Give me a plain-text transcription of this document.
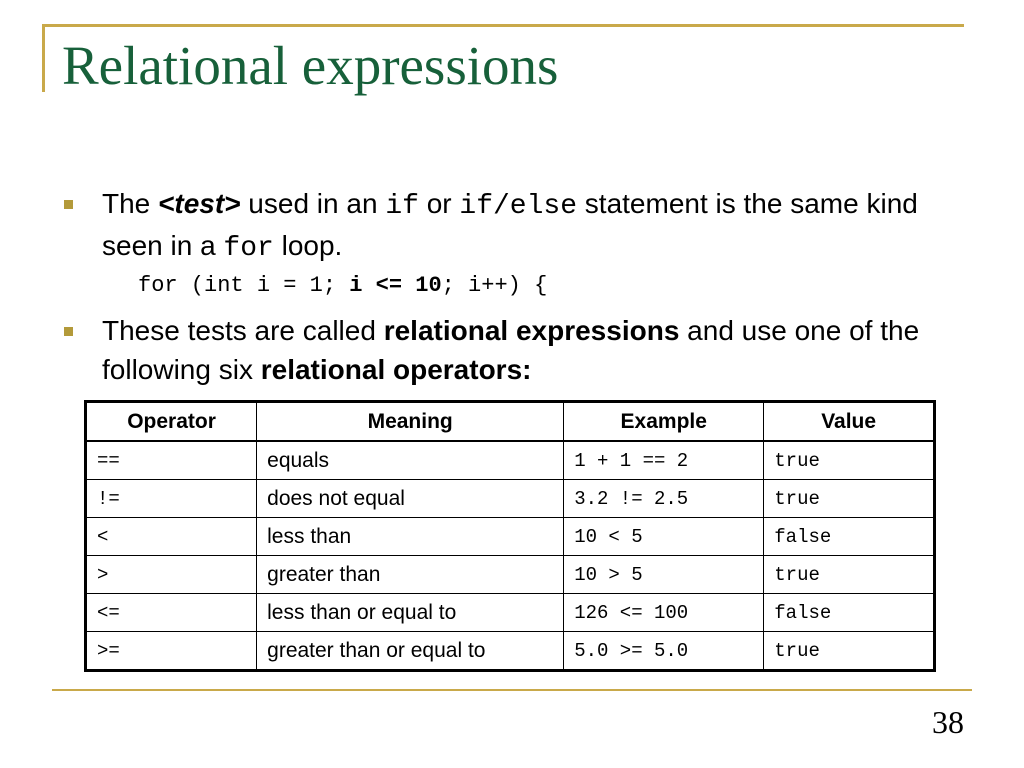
Relational expressions

The <test> used in an if or if/else statement is the same kind seen in a for loop.

for (int i = 1; i <= 10; i++) {

These tests are called relational expressions and use one of the following six relational operators:

Operator	Meaning	Example	Value
==	equals	1 + 1 == 2	true
!=	does not equal	3.2 != 2.5	true
<	less than	10 < 5	false
>	greater than	10 > 5	true
<=	less than or equal to	126 <= 100	false
>=	greater than or equal to	5.0 >= 5.0	true
38
